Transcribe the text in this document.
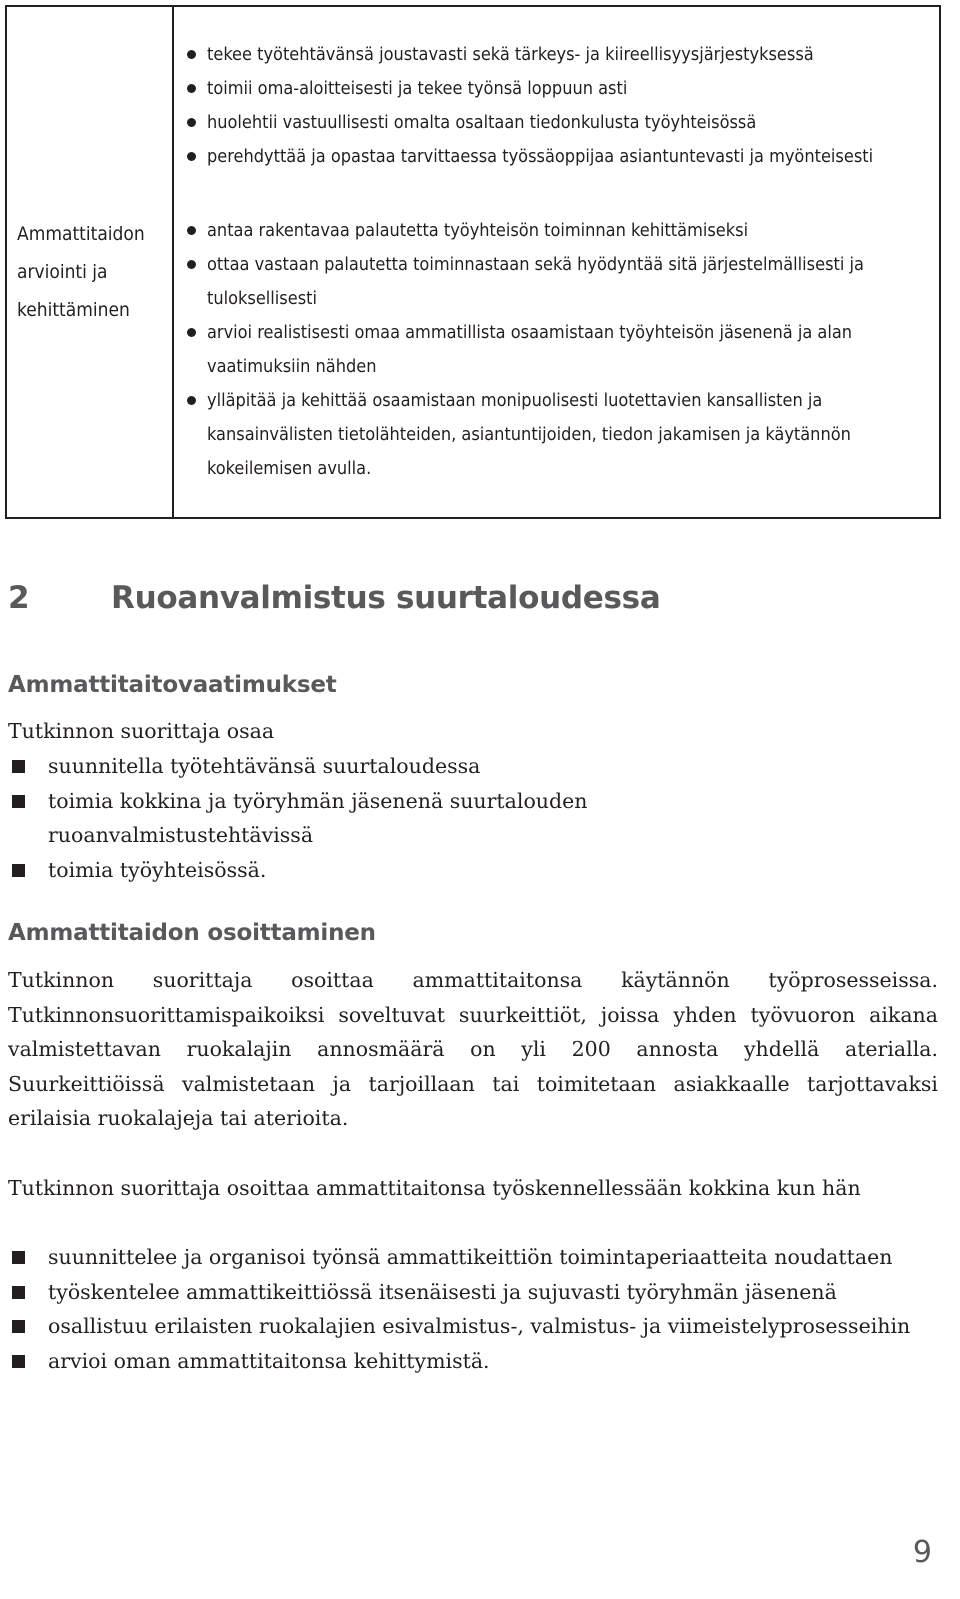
Ammattitaidon
arviointi ja
kehittäminen
tekee työtehtävänsä joustavasti sekä tärkeys- ja kiireellisyysjärjestyksessä
toimii oma-aloitteisesti ja tekee työnsä loppuun asti
huolehtii vastuullisesti omalta osaltaan tiedonkulusta työyhteisössä
perehdyttää ja opastaa tarvittaessa työssäoppijaa asiantuntevasti ja myönteisesti
antaa rakentavaa palautetta työyhteisön toiminnan kehittämiseksi
ottaa vastaan palautetta toiminnastaan sekä hyödyntää sitä järjestelmällisesti ja tuloksellisesti
arvioi realistisesti omaa ammatillista osaamistaan työyhteisön jäsenenä ja alan vaatimuksiin nähden
ylläpitää ja kehittää osaamistaan monipuolisesti luotettavien kansallisten ja kansainvälisten tietolähteiden, asiantuntijoiden, tiedon jakamisen ja käytännön kokeilemisen avulla.
2	Ruoanvalmistus suurtaloudessa
Ammattitaitovaatimukset

Tutkinnon suorittaja osaa

suunnitella työtehtävänsä suurtaloudessa
toimia kokkina ja työryhmän jäsenenä suurtalouden ruoanvalmistustehtävissä
toimia työyhteisössä.
Ammattitaidon osoittaminen

Tutkinnon suorittaja osoittaa ammattitaitonsa käytännön työprosesseissa. Tutkinnonsuorittamispaikoiksi soveltuvat suurkeittiöt, joissa yhden työvuoron aikana valmistettavan ruokalajin annosmäärä on yli 200 annosta yhdellä aterialla. Suurkeittiöissä valmistetaan ja tarjoillaan tai toimitetaan asiakkaalle tarjottavaksi erilaisia ruokalajeja tai aterioita.

Tutkinnon suorittaja osoittaa ammattitaitonsa työskennellessään kokkina kun hän

suunnittelee ja organisoi työnsä ammattikeittiön toimintaperiaatteita noudattaen
työskentelee ammattikeittiössä itsenäisesti ja sujuvasti työryhmän jäsenenä
osallistuu erilaisten ruokalajien esivalmistus-, valmistus- ja viimeistelyprosesseihin
arvioi oman ammattitaitonsa kehittymistä.
9
